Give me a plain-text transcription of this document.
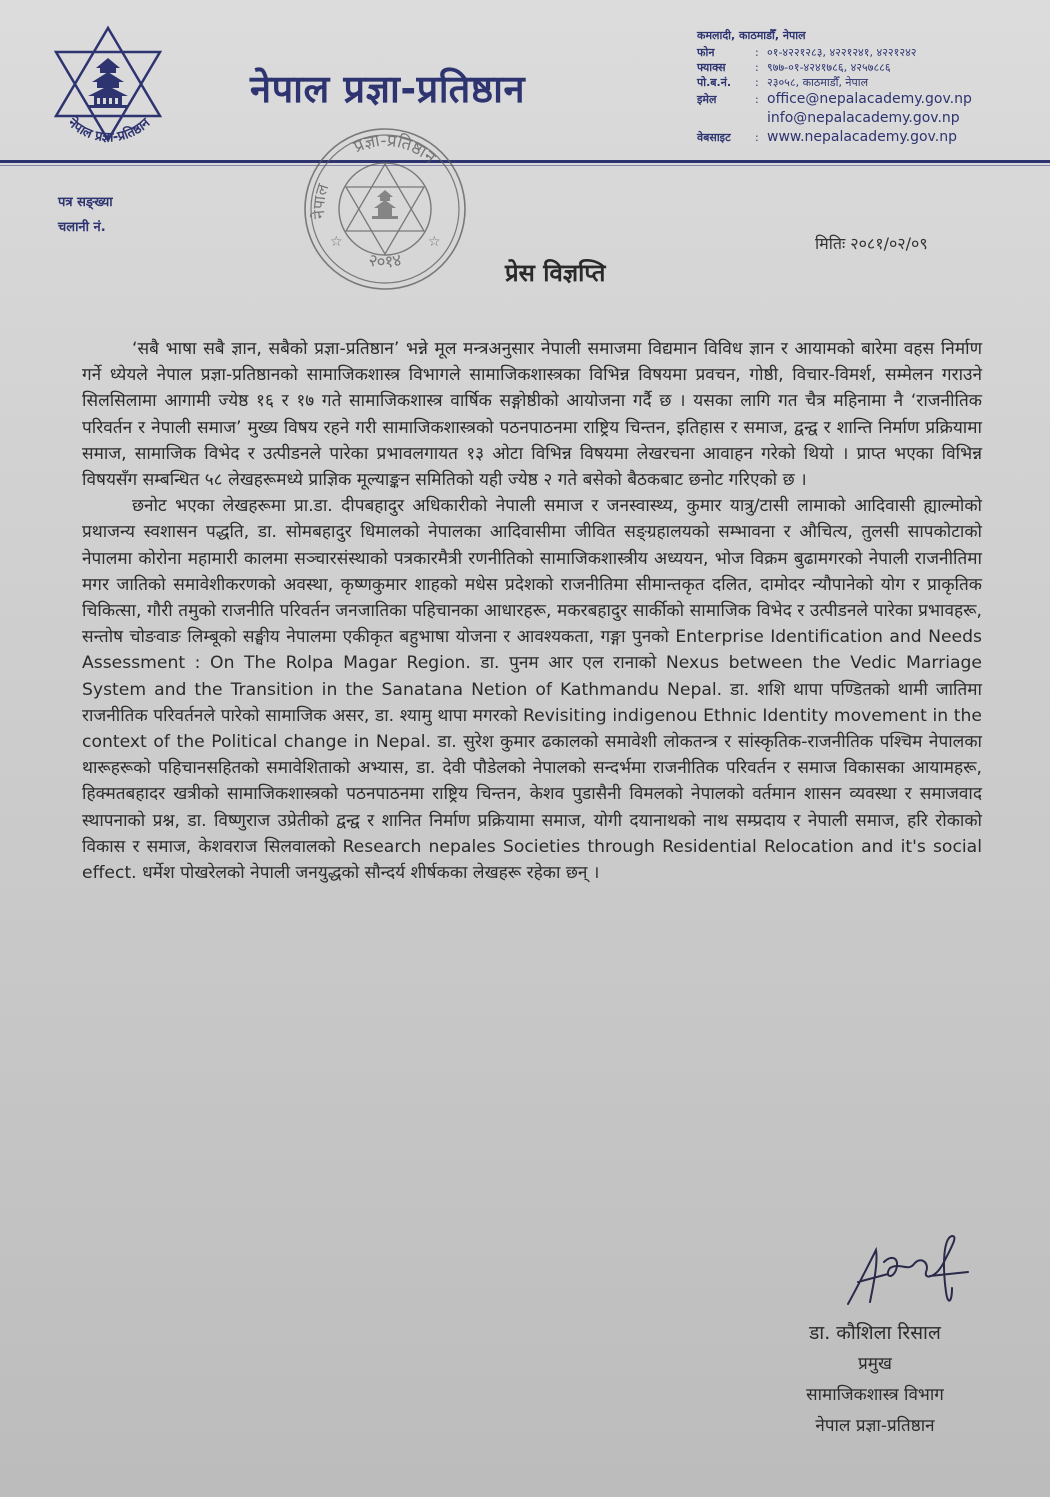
नेपाल प्रज्ञा-प्रतिष्ठान
नेपाल प्रज्ञा-प्रतिष्ठान
कमलादी, काठमाडौँ, नेपाल
फोन	: ०१-४२२१२८३, ४२२१२४१, ४२२१२४२
फ्याक्स	: ९७७-०१-४२४१७८६, ४२५७८८६
पो.ब.नं.	: २३०५८, काठमाडौँ, नेपाल
इमेल	: office@nepalacademy.gov.np
info@nepalacademy.gov.np
वेबसाइट	: www.nepalacademy.gov.np
प्रज्ञा-प्रतिष्ठान
नेपाल
२०१४
☆	☆
पत्र सङ्ख्या
चलानी नं.
मितिः २०८१/०२/०९
प्रेस विज्ञप्ति

‘सबै भाषा सबै ज्ञान, सबैको प्रज्ञा-प्रतिष्ठान’ भन्ने मूल मन्त्रअनुसार नेपाली समाजमा विद्यमान विविध ज्ञान र आयामको बारेमा वहस निर्माण गर्ने ध्येयले नेपाल प्रज्ञा-प्रतिष्ठानको सामाजिकशास्त्र विभागले सामाजिकशास्त्रका विभिन्न विषयमा प्रवचन, गोष्ठी, विचार-विमर्श, सम्मेलन गराउने सिलसिलामा आगामी ज्येष्ठ १६ र १७ गते सामाजिकशास्त्र वार्षिक सङ्गोष्ठीको आयोजना गर्दै छ । यसका लागि गत चैत्र महिनामा नै ‘राजनीतिक परिवर्तन र नेपाली समाज’ मुख्य विषय रहने गरी सामाजिकशास्त्रको पठनपाठनमा राष्ट्रिय चिन्तन, इतिहास र समाज, द्वन्द्व र शान्ति निर्माण प्रक्रियामा समाज, सामाजिक विभेद र उत्पीडनले पारेका प्रभावलगायत १३ ओटा विभिन्न विषयमा लेखरचना आवाहन गरेको थियो । प्राप्त भएका विभिन्न विषयसँग सम्बन्धित ५८ लेखहरूमध्ये प्राज्ञिक मूल्याङ्कन समितिको यही ज्येष्ठ २ गते बसेको बैठकबाट छनोट गरिएको छ ।

छनोट भएका लेखहरूमा प्रा.डा. दीपबहादुर अधिकारीको नेपाली समाज र जनस्वास्थ्य, कुमार यात्रु/टासी लामाको आदिवासी ह्याल्मोको प्रथाजन्य स्वशासन पद्धति, डा. सोमबहादुर धिमालको नेपालका आदिवासीमा जीवित सङ्ग्रहालयको सम्भावना र औचित्य, तुलसी सापकोटाको नेपालमा कोरोना महामारी कालमा सञ्चारसंस्थाको पत्रकारमैत्री रणनीतिको सामाजिकशास्त्रीय अध्ययन, भोज विक्रम बुढामगरको नेपाली राजनीतिमा मगर जातिको समावेशीकरणको अवस्था, कृष्णकुमार शाहको मधेस प्रदेशको राजनीतिमा सीमान्तकृत दलित, दामोदर न्यौपानेको योग र प्राकृतिक चिकित्सा, गौरी तमुको राजनीति परिवर्तन जनजातिका पहिचानका आधारहरू, मकरबहादुर सार्कीको सामाजिक विभेद र उत्पीडनले पारेका प्रभावहरू, सन्तोष चोङवाङ लिम्बूको सङ्घीय नेपालमा एकीकृत बहुभाषा योजना र आवश्यकता, गङ्गा पुनको Enterprise Identification and Needs Assessment : On The Rolpa Magar Region. डा. पुनम आर एल रानाको Nexus between the Vedic Marriage System and the Transition in the Sanatana Netion of Kathmandu Nepal. डा. शशि थापा पण्डितको थामी जातिमा राजनीतिक परिवर्तनले पारेको सामाजिक असर, डा. श्यामु थापा मगरको Revisiting indigenou Ethnic Identity movement in the context of the Political change in Nepal. डा. सुरेश कुमार ढकालको समावेशी लोकतन्त्र र सांस्कृतिक-राजनीतिक पश्चिम नेपालका थारूहरूको पहिचानसहितको समावेशिताको अभ्यास, डा. देवी पौडेलको नेपालको सन्दर्भमा राजनीतिक परिवर्तन र समाज विकासका आयामहरू, हिक्मतबहादर खत्रीको सामाजिकशास्त्रको पठनपाठनमा राष्ट्रिय चिन्तन, केशव पुडासैनी विमलको नेपालको वर्तमान शासन व्यवस्था र समाजवाद स्थापनाको प्रश्न, डा. विष्णुराज उप्रेतीको द्वन्द्व र शानित निर्माण प्रक्रियामा समाज, योगी दयानाथको नाथ सम्प्रदाय र नेपाली समाज, हरि रोकाको विकास र समाज, केशवराज सिलवालको Research nepales Societies through Residential Relocation and it's social effect. धर्मेश पोखरेलको नेपाली जनयुद्धको सौन्दर्य शीर्षकका लेखहरू रहेका छन् ।

डा. कौशिला रिसाल
प्रमुख
सामाजिकशास्त्र विभाग
नेपाल प्रज्ञा-प्रतिष्ठान
